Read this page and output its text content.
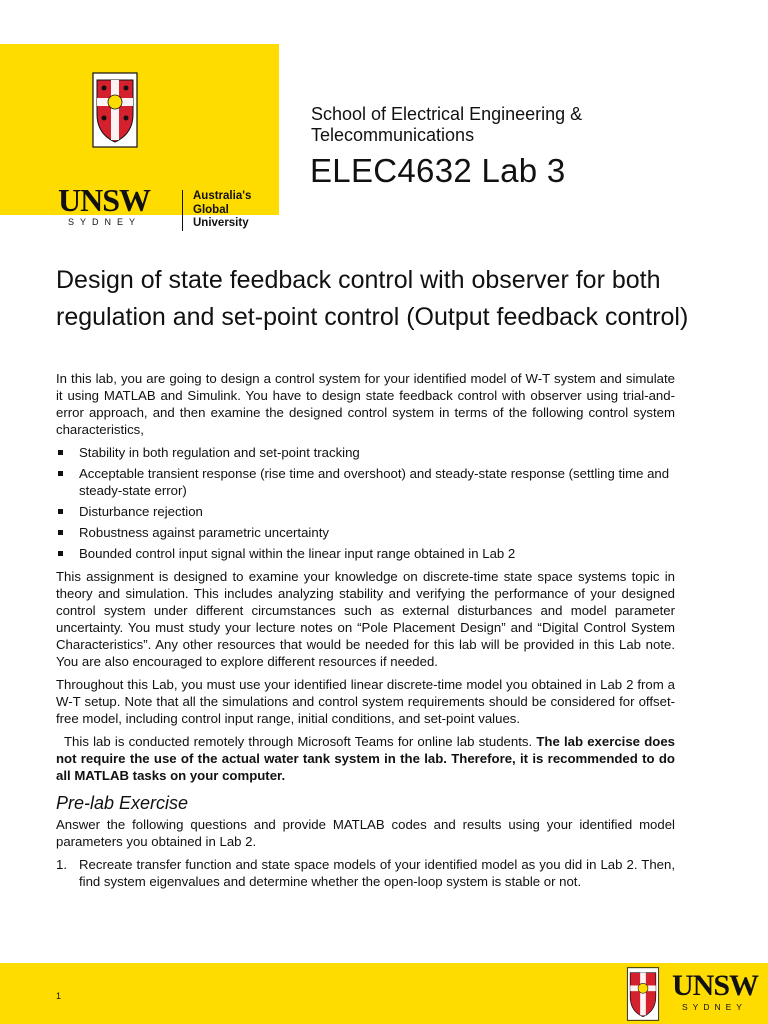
UNSW
SYDNEY
Australia's
Global
University
School of Electrical Engineering &
Telecommunications
ELEC4632 Lab 3
Design of state feedback control with observer for both regulation and set-point control (Output feedback control)

In this lab, you are going to design a control system for your identified model of W-T system and simulate it using MATLAB and Simulink. You have to design state feedback control with observer using trial-and-error approach, and then examine the designed control system in terms of the following control system characteristics,

Stability in both regulation and set-point tracking
Acceptable transient response (rise time and overshoot) and steady-state response (settling time and steady-state error)
Disturbance rejection
Robustness against parametric uncertainty
Bounded control input signal within the linear input range obtained in Lab 2

This assignment is designed to examine your knowledge on discrete-time state space systems topic in theory and simulation. This includes analyzing stability and verifying the performance of your designed control system under different circumstances such as external disturbances and model parameter uncertainty. You must study your lecture notes on “Pole Placement Design” and “Digital Control System Characteristics”. Any other resources that would be needed for this lab will be provided in this Lab note. You are also encouraged to explore different resources if needed.

Throughout this Lab, you must use your identified linear discrete-time model you obtained in Lab 2 from a W-T setup. Note that all the simulations and control system requirements should be considered for offset-free model, including control input range, initial conditions, and set-point values.

This lab is conducted remotely through Microsoft Teams for online lab students. The lab exercise does not require the use of the actual water tank system in the lab. Therefore, it is recommended to do all MATLAB tasks on your computer.

Pre-lab Exercise

Answer the following questions and provide MATLAB codes and results using your identified model parameters you obtained in Lab 2.

1. Recreate transfer function and state space models of your identified model as you did in Lab 2. Then, find system eigenvalues and determine whether the open-loop system is stable or not.
1	UNSW
SYDNEY
